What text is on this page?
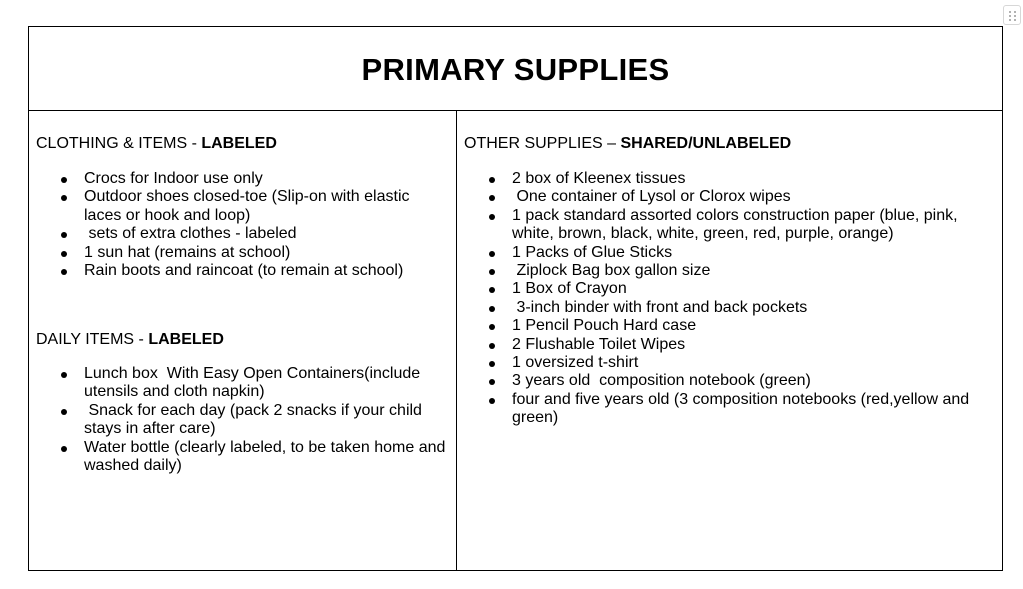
PRIMARY SUPPLIES
CLOTHING & ITEMS - LABELED
Crocs for Indoor use only
Outdoor shoes closed-toe (Slip-on with elastic laces or hook and loop)
sets of extra clothes - labeled
1 sun hat (remains at school)
Rain boots and raincoat (to remain at school)
DAILY ITEMS - LABELED
Lunch box  With Easy Open Containers(include utensils and cloth napkin)
Snack for each day (pack 2 snacks if your child stays in after care)
Water bottle (clearly labeled, to be taken home and washed daily)
OTHER SUPPLIES – SHARED/UNLABELED
2 box of Kleenex tissues
One container of Lysol or Clorox wipes
1 pack standard assorted colors construction paper (blue, pink, white, brown, black, white, green, red, purple, orange)
1 Packs of Glue Sticks
Ziplock Bag box gallon size
1 Box of Crayon
3-inch binder with front and back pockets
1 Pencil Pouch Hard case
2 Flushable Toilet Wipes
1 oversized t-shirt
3 years old  composition notebook (green)
four and five years old (3 composition notebooks (red,yellow and green)
